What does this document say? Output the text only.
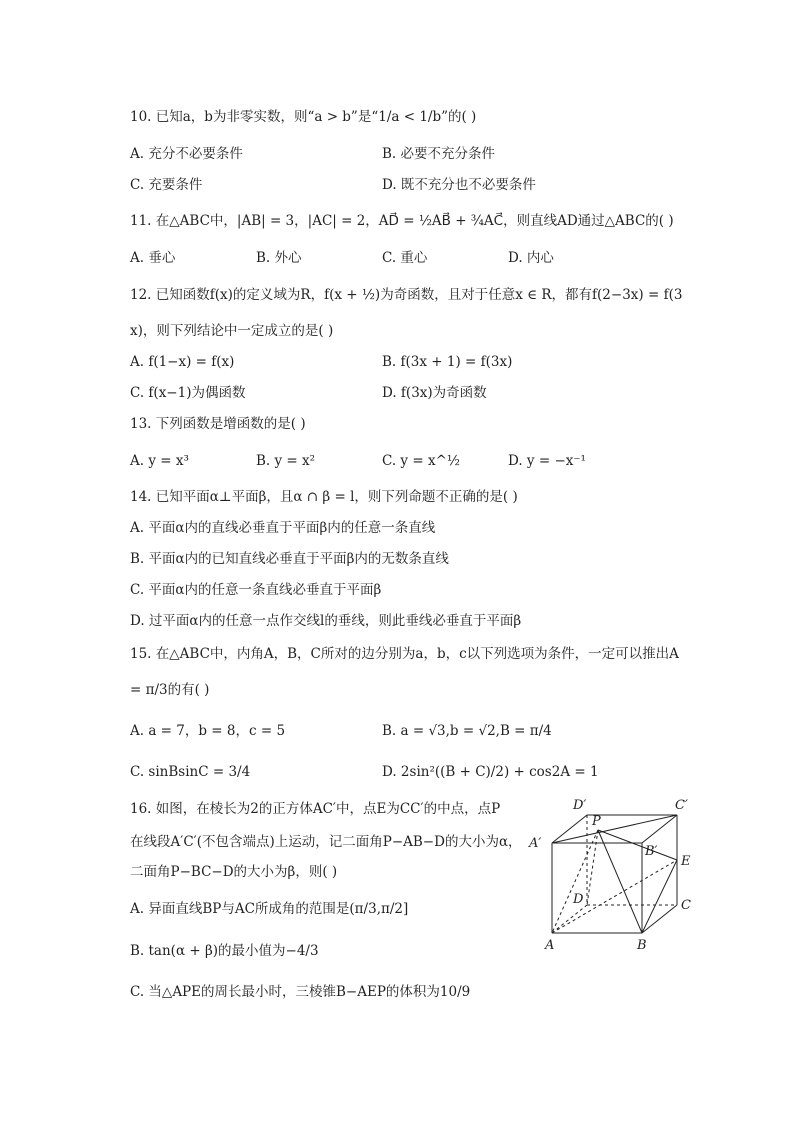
10. 已知a，b为非零实数，则“a > b”是“1/a < 1/b”的( )
A. 充分不必要条件	B. 必要不充分条件
C. 充要条件	D. 既不充分也不必要条件
11. 在△ABC中，|AB| = 3，|AC| = 2，AD⃗ = ½AB⃗ + ¾AC⃗，则直线AD通过△ABC的( )
A. 垂心	B. 外心	C. 重心	D. 内心
12. 已知函数f(x)的定义域为R，f(x + ½)为奇函数，且对于任意x ∈ R，都有f(2−3x) = f(3
x)，则下列结论中一定成立的是( )
A. f(1−x) = f(x)	B. f(3x + 1) = f(3x)
C. f(x−1)为偶函数	D. f(3x)为奇函数
13. 下列函数是增函数的是( )
A. y = x³	B. y = x²	C. y = x^½	D. y = −x⁻¹
14. 已知平面α⊥平面β，且α ∩ β = l，则下列命题不正确的是( )
A. 平面α内的直线必垂直于平面β内的任意一条直线
B. 平面α内的已知直线必垂直于平面β内的无数条直线
C. 平面α内的任意一条直线必垂直于平面β
D. 过平面α内的任意一点作交线l的垂线，则此垂线必垂直于平面β
15. 在△ABC中，内角A，B，C所对的边分别为a，b，c以下列选项为条件，一定可以推出A
= π/3的有( )
A. a = 7，b = 8，c = 5	B. a = √3,b = √2,B = π/4
C. sinBsinC = 3/4	D. 2sin²((B + C)/2) + cos2A = 1
16. 如图，在棱长为2的正方体AC′中，点E为CC′的中点，点P
在线段A′C′(不包含端点)上运动，记二面角P−AB−D的大小为α，
二面角P−BC−D的大小为β，则( )
A. 异面直线BP与AC所成角的范围是(π/3,π/2]
B. tan(α + β)的最小值为−4/3
C. 当△APE的周长最小时，三棱锥B−AEP的体积为10/9
D′	C′
P
A′
B′
E
D	C
A	B
